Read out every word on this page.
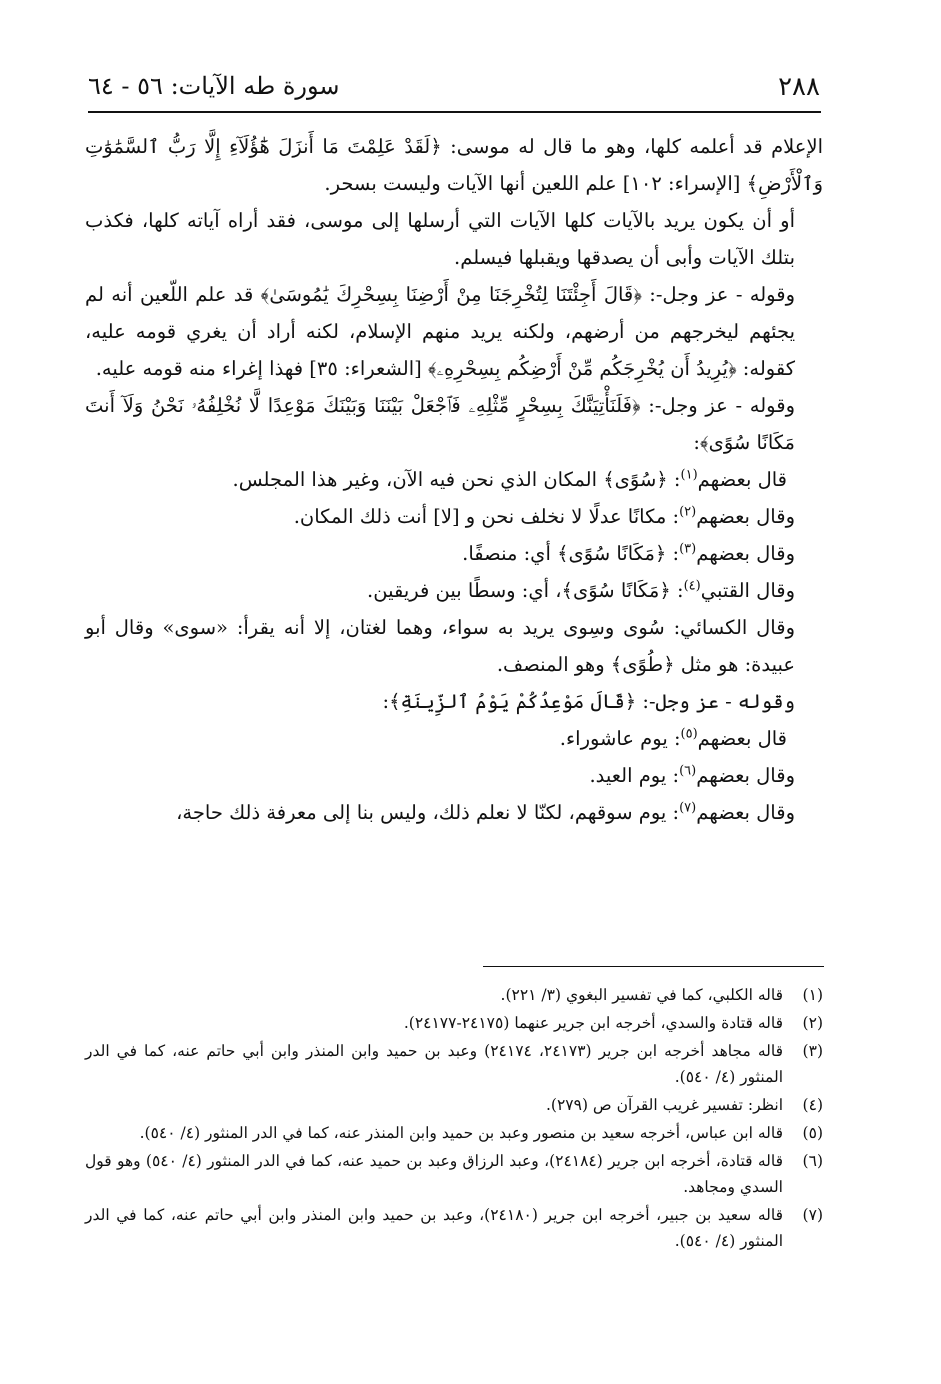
٢٨٨
سورة طه الآيات: ٥٦ - ٦٤

الإعلام قد أعلمه كلها، وهو ما قال له موسى: ﴿لَقَدْ عَلِمْتَ مَا أَنزَلَ هَٰٓؤُلَآءِ إِلَّا رَبُّ ٱلسَّمَٰوَٰتِ وَٱلْأَرْضِ﴾ [الإسراء: ١٠٢] علم اللعين أنها الآيات وليست بسحر.

أو أن يكون يريد بالآيات كلها الآيات التي أرسلها إلى موسى، فقد أراه آياته كلها، فكذب بتلك الآيات وأبى أن يصدقها ويقبلها فيسلم.

وقوله - عز وجل-: ﴿قَالَ أَجِئْتَنَا لِتُخْرِجَنَا مِنْ أَرْضِنَا بِسِحْرِكَ يَٰمُوسَىٰ﴾ قد علم اللّعين أنه لم يجئهم ليخرجهم من أرضهم، ولكنه يريد منهم الإسلام، لكنه أراد أن يغري قومه عليه، كقوله: ﴿يُرِيدُ أَن يُخْرِجَكُم مِّنْ أَرْضِكُم بِسِحْرِهِۦ﴾ [الشعراء: ٣٥] فهذا إغراء منه قومه عليه.

وقوله - عز وجل-: ﴿فَلَنَأْتِيَنَّكَ بِسِحْرٍ مِّثْلِهِۦ فَٱجْعَلْ بَيْنَنَا وَبَيْنَكَ مَوْعِدًا لَّا نُخْلِفُهُۥ نَحْنُ وَلَآ أَنتَ مَكَانًا سُوًى﴾:

قال بعضهم$^{(١)}$: ﴿سُوًى﴾ المكان الذي نحن فيه الآن، وغير هذا المجلس.

وقال بعضهم$^{(٢)}$: مكانًا عدلًا لا نخلف نحن و [لا] أنت ذلك المكان.

وقال بعضهم$^{(٣)}$: ﴿مَكَانًا سُوًى﴾ أي: منصفًا.

وقال القتبي$^{(٤)}$: ﴿مَكَانًا سُوًى﴾، أي: وسطًا بين فريقين.

وقال الكسائي: سُوى وسِوى يريد به سواء، وهما لغتان، إلا أنه يقرأ: «سوى» وقال أبو عبيدة: هو مثل ﴿طُوًى﴾ وهو المنصف.

وقوله - عز وجل-: ﴿قَالَ مَوْعِدُكُمْ يَوْمُ ٱلزِّينَةِ﴾:

قال بعضهم$^{(٥)}$: يوم عاشوراء.

وقال بعضهم$^{(٦)}$: يوم العيد.

وقال بعضهم$^{(٧)}$: يوم سوقهم، لكنّا لا نعلم ذلك، وليس بنا إلى معرفة ذلك حاجة،

(١)
قاله الكلبي، كما في تفسير البغوي (٣/ ٢٢١).

(٢)
قاله قتادة والسدي، أخرجه ابن جرير عنهما (٢٤١٧٥-٢٤١٧٧).

(٣)
قاله مجاهد أخرجه ابن جرير (٢٤١٧٣، ٢٤١٧٤) وعبد بن حميد وابن المنذر وابن أبي حاتم عنه، كما في الدر المنثور (٤/ ٥٤٠).

(٤)
انظر: تفسير غريب القرآن ص (٢٧٩).

(٥)
قاله ابن عباس، أخرجه سعيد بن منصور وعبد بن حميد وابن المنذر عنه، كما في الدر المنثور (٤/ ٥٤٠).

(٦)
قاله قتادة، أخرجه ابن جرير (٢٤١٨٤)، وعبد الرزاق وعبد بن حميد عنه، كما في الدر المنثور (٤/ ٥٤٠) وهو قول السدي ومجاهد.

(٧)
قاله سعيد بن جبير، أخرجه ابن جرير (٢٤١٨٠)، وعبد بن حميد وابن المنذر وابن أبي حاتم عنه، كما في الدر المنثور (٤/ ٥٤٠).
